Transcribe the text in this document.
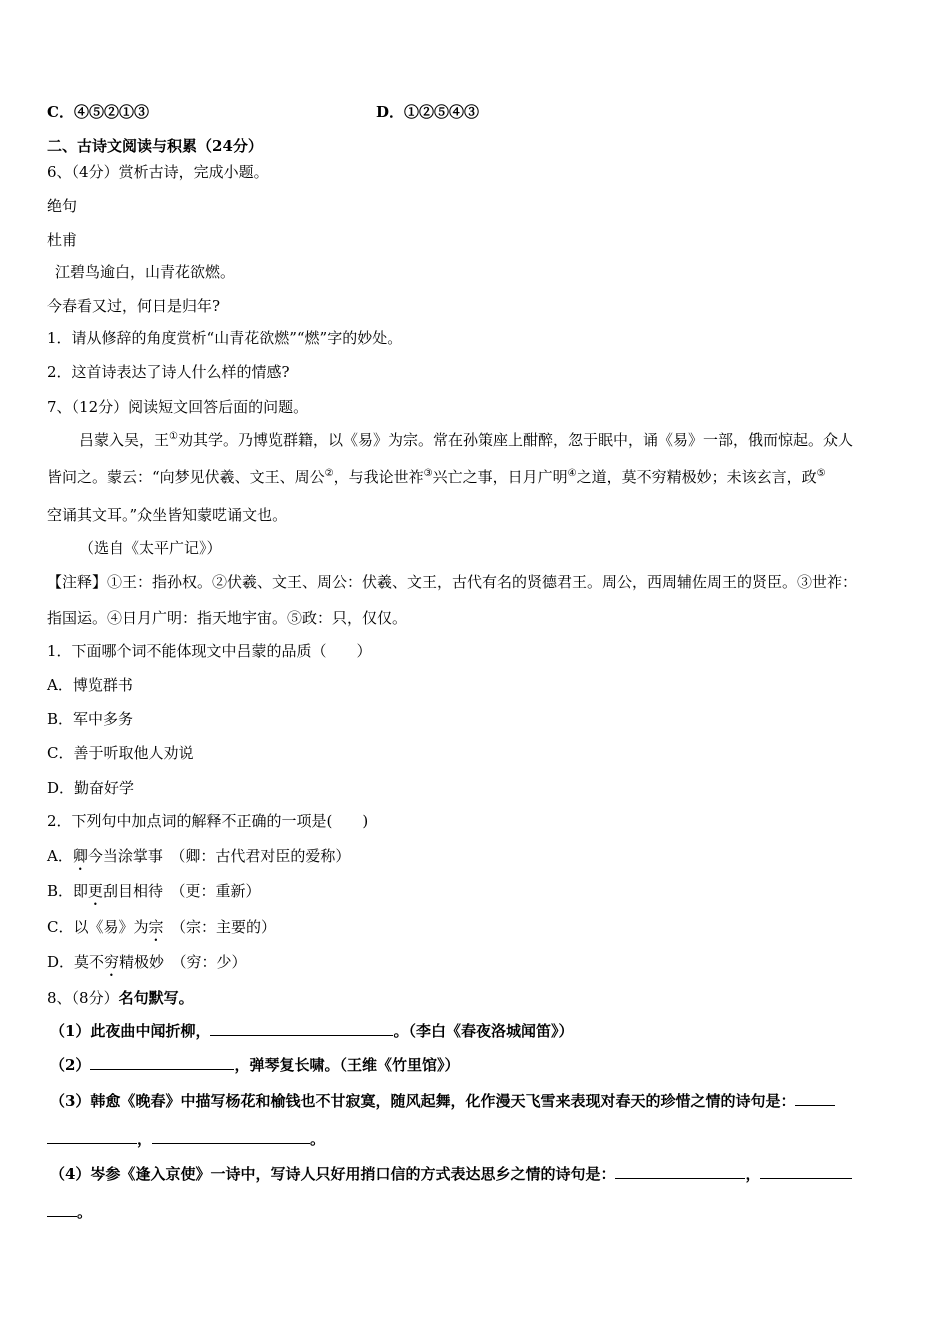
C．④⑤②①③	D．①②⑤④③
二、古诗文阅读与积累（24分）
6、（4分）赏析古诗，完成小题。
绝句
杜甫
江碧鸟逾白，山青花欲燃。
今春看又过，何日是归年?
1．请从修辞的角度赏析“山青花欲燃”“燃”字的妙处。
2．这首诗表达了诗人什么样的情感?
7、（12分）阅读短文回答后面的问题。
吕蒙入吴，王①劝其学。乃博览群籍，以《易》为宗。常在孙策座上酣醉，忽于眠中，诵《易》一部，俄而惊起。众人
皆问之。蒙云：“向梦见伏羲、文王、周公②，与我论世祚③兴亡之事，日月广明④之道，莫不穷精极妙；未该玄言，政⑤
空诵其文耳。”众坐皆知蒙呓诵文也。
（选自《太平广记》）
【注释】①王：指孙权。②伏羲、文王、周公：伏羲、文王，古代有名的贤德君王。周公，西周辅佐周王的贤臣。③世祚：
指国运。④日月广明：指天地宇宙。⑤政：只，仅仅。
1．下面哪个词不能体现文中吕蒙的品质（　　）
A．博览群书
B．军中多务
C．善于听取他人劝说
D．勤奋好学
2．下列句中加点词的解释不正确的一项是(　　)
A．卿今当涂掌事　（卿：古代君对臣的爱称）
B．即更刮目相待　（更：重新）
C．以《易》为宗　（宗：主要的）
D．莫不穷精极妙　（穷：少）
8、（8分）名句默写。
（1）此夜曲中闻折柳，	。（李白《春夜洛城闻笛》）
（2）	，弹琴复长啸。（王维《竹里馆》）
（3）韩愈《晚春》中描写杨花和榆钱也不甘寂寞，随风起舞，化作漫天飞雪来表现对春天的珍惜之情的诗句是：
，	。
（4）岑参《逢入京使》一诗中，写诗人只好用捎口信的方式表达思乡之情的诗句是：	，
。
